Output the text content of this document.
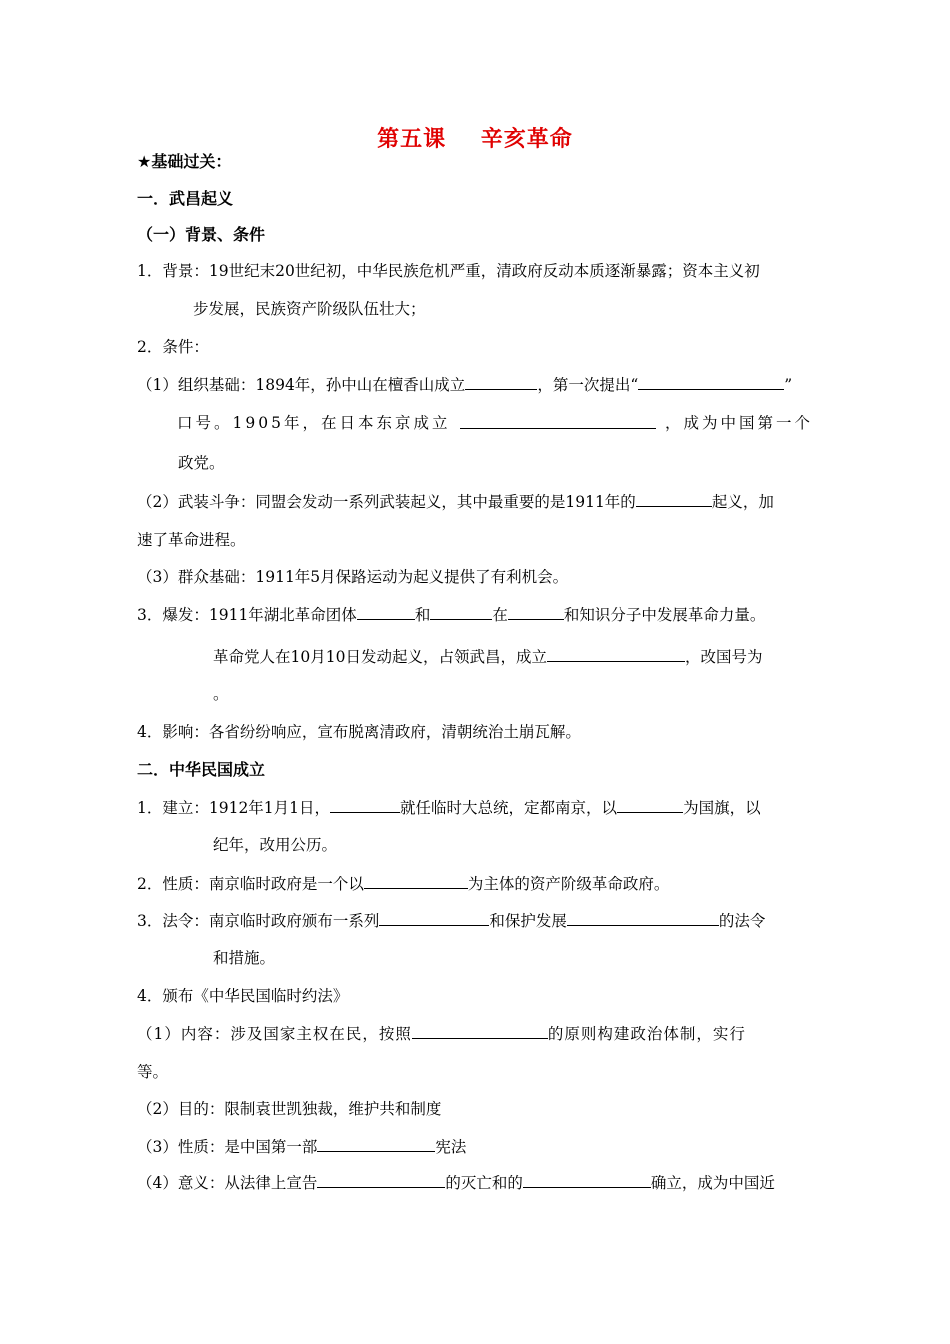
第五课    辛亥革命
★基础过关：
一．武昌起义
（一）背景、条件
1．背景：19世纪末20世纪初，中华民族危机严重，清政府反动本质逐渐暴露；资本主义初
步发展，民族资产阶级队伍壮大；
2．条件：
（1）组织基础：1894年，孙中山在檀香山成立	，第一次提出“	”
口号。1905年，在日本东京成立	，成为中国第一个
政党。
（2）武装斗争：同盟会发动一系列武装起义，其中最重要的是1911年的	起义，加
速了革命进程。
（3）群众基础：1911年5月保路运动为起义提供了有利机会。
3．爆发：1911年湖北革命团体	和	在	和知识分子中发展革命力量。
革命党人在10月10日发动起义，占领武昌，成立	，改国号为
。
4．影响：各省纷纷响应，宣布脱离清政府，清朝统治土崩瓦解。
二．中华民国成立
1．建立：1912年1月1日，	就任临时大总统，定都南京，以	为国旗，以
纪年，改用公历。
2．性质：南京临时政府是一个以	为主体的资产阶级革命政府。
3．法令：南京临时政府颁布一系列	和保护发展	的法令
和措施。
4．颁布《中华民国临时约法》
（1）内容：涉及国家主权在民，按照	的原则构建政治体制，实行
等。
（2）目的：限制袁世凯独裁，维护共和制度
（3）性质：是中国第一部	宪法
（4）意义：从法律上宣告	的灭亡和的	确立，成为中国近
